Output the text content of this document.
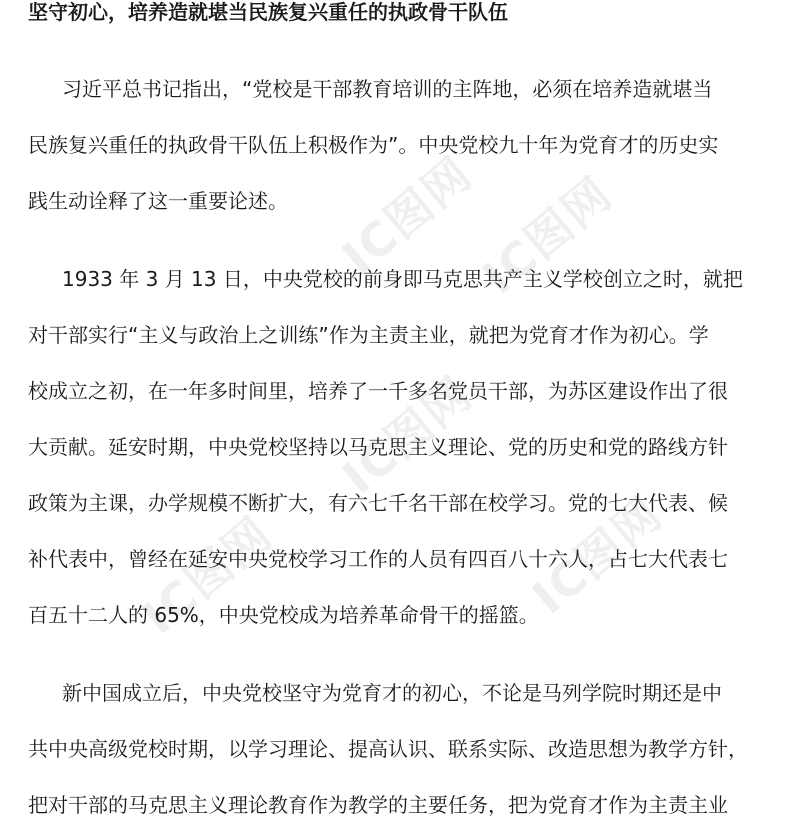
IC图网
IC图网
IC图网
IC图网	IC图网
坚守初心，培养造就堪当民族复兴重任的执政骨干队伍
习近平总书记指出，“党校是干部教育培训的主阵地，必须在培养造就堪当
民族复兴重任的执政骨干队伍上积极作为”。中央党校九十年为党育才的历史实
践生动诠释了这一重要论述。
1933 年 3 月 13 日，中央党校的前身即马克思共产主义学校创立之时，就把
对干部实行“主义与政治上之训练”作为主责主业，就把为党育才作为初心。学
校成立之初，在一年多时间里，培养了一千多名党员干部，为苏区建设作出了很
大贡献。延安时期，中央党校坚持以马克思主义理论、党的历史和党的路线方针
政策为主课，办学规模不断扩大，有六七千名干部在校学习。党的七大代表、候
补代表中，曾经在延安中央党校学习工作的人员有四百八十六人，占七大代表七
百五十二人的 65%，中央党校成为培养革命骨干的摇篮。
新中国成立后，中央党校坚守为党育才的初心，不论是马列学院时期还是中
共中央高级党校时期，以学习理论、提高认识、联系实际、改造思想为教学方针，
把对干部的马克思主义理论教育作为教学的主要任务，把为党育才作为主责主业
